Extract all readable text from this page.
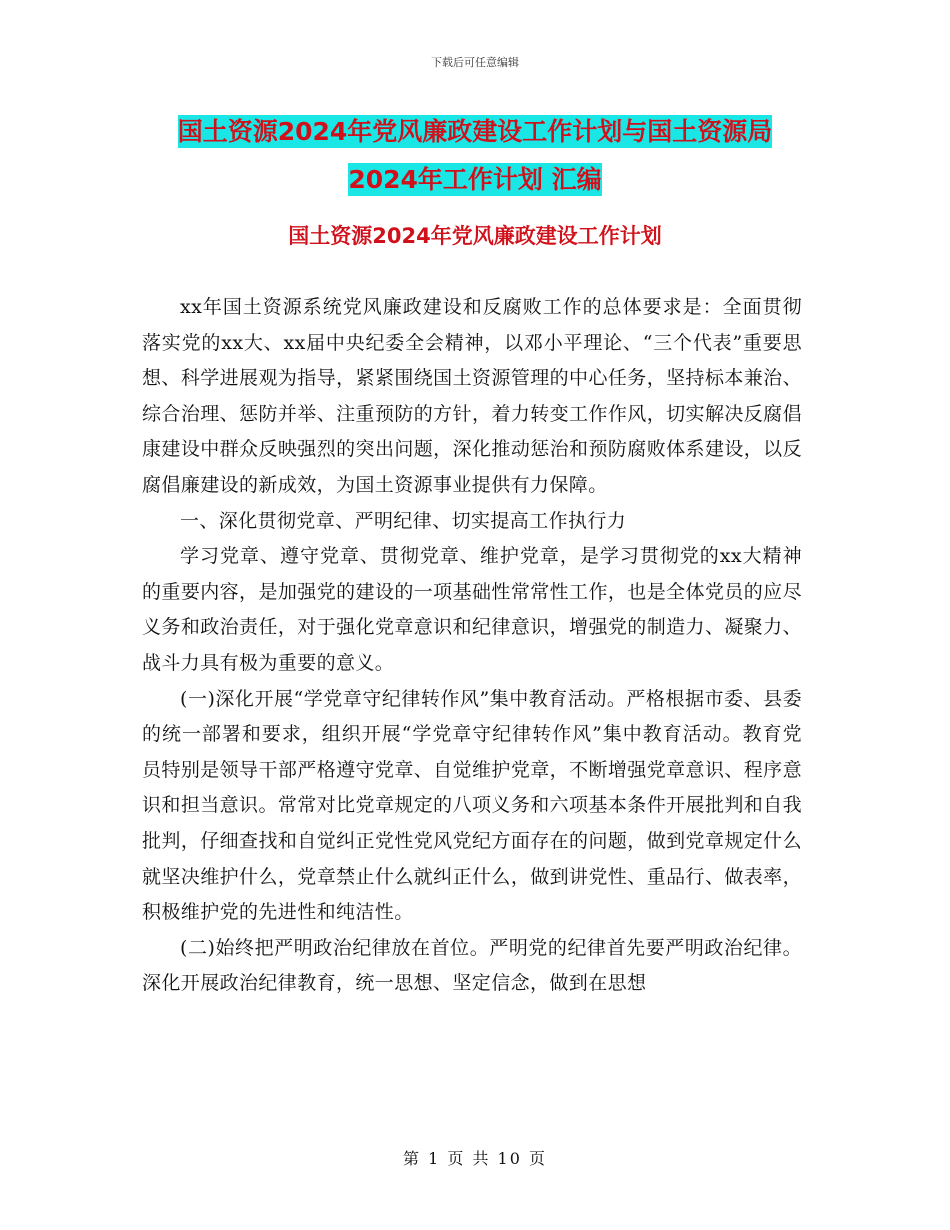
下载后可任意编辑
国土资源2024年党风廉政建设工作计划与国土资源局
2024年工作计划 汇编
国土资源2024年党风廉政建设工作计划

xx年国土资源系统党风廉政建设和反腐败工作的总体要求是：全面贯彻落实党的xx大、xx届中央纪委全会精神，以邓小平理论、“三个代表”重要思想、科学进展观为指导，紧紧围绕国土资源管理的中心任务，坚持标本兼治、综合治理、惩防并举、注重预防的方针，着力转变工作作风，切实解决反腐倡康建设中群众反映强烈的突出问题，深化推动惩治和预防腐败体系建设，以反腐倡廉建设的新成效，为国土资源事业提供有力保障。

一、深化贯彻党章、严明纪律、切实提高工作执行力

学习党章、遵守党章、贯彻党章、维护党章，是学习贯彻党的xx大精神的重要内容，是加强党的建设的一项基础性常常性工作，也是全体党员的应尽义务和政治责任，对于强化党章意识和纪律意识，增强党的制造力、凝聚力、战斗力具有极为重要的意义。

(一)深化开展“学党章守纪律转作风”集中教育活动。严格根据市委、县委的统一部署和要求，组织开展“学党章守纪律转作风”集中教育活动。教育党员特别是领导干部严格遵守党章、自觉维护党章，不断增强党章意识、程序意识和担当意识。常常对比党章规定的八项义务和六项基本条件开展批判和自我批判，仔细查找和自觉纠正党性党风党纪方面存在的问题，做到党章规定什么就坚决维护什么，党章禁止什么就纠正什么，做到讲党性、重品行、做表率，积极维护党的先进性和纯洁性。

(二)始终把严明政治纪律放在首位。严明党的纪律首先要严明政治纪律。深化开展政治纪律教育，统一思想、坚定信念，做到在思想

第 1 页 共 10 页
